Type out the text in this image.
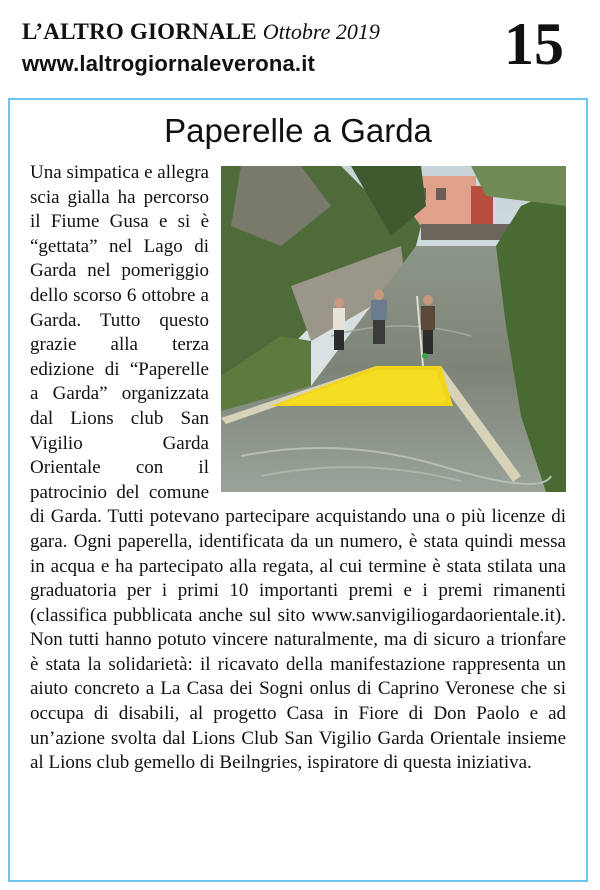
L’ALTRO GIORNALE Ottobre 2019
www.laltrogiornaleverona.it	15
Paperelle a Garda
Una simpatica e allegra scia gialla ha percorso il Fiume Gusa e si è “gettata” nel Lago di Garda nel pomeriggio dello scorso 6 ottobre a Garda. Tutto questo grazie alla terza edizione di “Paperelle a Garda” organizzata dal Lions club San Vigilio Garda Orientale con il patrocinio del comune di Garda. Tutti potevano partecipare acquistando una o più licenze di gara. Ogni paperella, identificata da un numero, è stata quindi messa in acqua e ha partecipato alla regata, al cui termine è stata stilata una graduatoria per i primi 10 importanti premi e i premi rimanenti (classifica pubblicata anche sul sito www.sanvigiliogardaorientale.it). Non tutti hanno potuto vincere naturalmente, ma di sicuro a trionfare è stata la solidarietà: il ricavato della manifestazione rappresenta un aiuto concreto a La Casa dei Sogni onlus di Caprino Veronese che si occupa di disabili, al progetto Casa in Fiore di Don Paolo e ad un’azione svolta dal Lions Club San Vigilio Garda Orientale insieme al Lions club gemello di Beilngries, ispiratore di questa iniziativa.
